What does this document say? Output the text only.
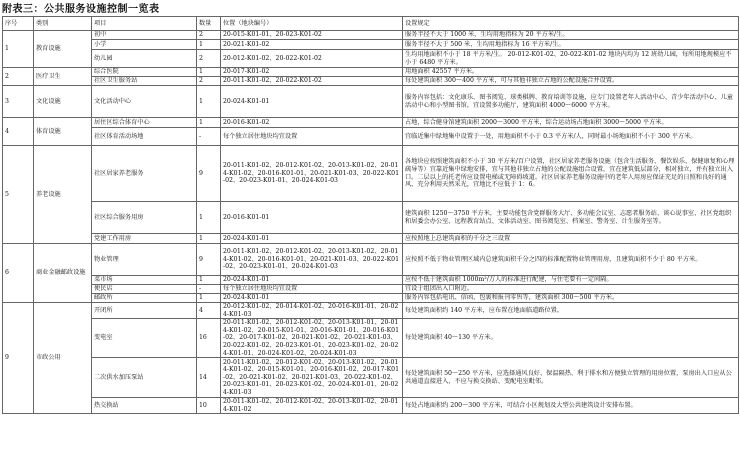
附表三：公共服务设施控制一览表
序号	类别	项目	数量	位置（地块编号）	设置规定
1	教育设施	初中	2	20-015-K01-01、20-023-K01-02	服务半径不大于 1000 米，生均用地指标为 20 平方米/生。
		小学	1	20-021-K01-02	服务半径不大于 500 米，生均用地指标为 16 平方米/生。
		幼儿园	2	20-012-K01-02、20-022-K01-02	生均用地面积不小于 18 平方米/生。 20-012-K01-02、20-022-K01-02 地块内均为 12 班幼儿园，每所用地规模应不小于 6480 平方米。
2	医疗卫生	综合医院	1	20-017-K01-02	用地面积 42557 平方米。
		社区卫生服务站	2	20-011-K01-02、20-022-K01-02	每处建筑面积 300～400 平方米，可与其他非独立占地的公配设施合并设置。
3	文化设施	文化活动中心	1	20-024-K01-01	服务内容包括：文化康乐、图书阅览、球类棋牌、教育培训等设施，应专门设置老年人活动中心、青少年活动中心、儿童活动中心和小型图书馆，宜设置多功能厅，建筑面积 4000～6000 平方米。
4	体育设施	居住区综合体育中心	1	20-016-K01-02	占地，综合健身馆建筑面积 2000～3000 平方米，综合运动场占地面积 3000～5000 平方米。
		社区体育活动场地	-	每个独立居住地块均宜设置	宜临近集中绿地集中设置于一处，用地面积不小于 0.3 平方米/人，同时最小场地面积不小于 300 平方米。
5	养老设施	社区居家养老服务	9	20-011-K01-02、20-012-K01-02、20-013-K01-02、20-014-K01-02、20-016-K01-01、20-021-K01-03、20-022-K01-02、20-023-K01-01、20-024-K01-03	各地块应按照建筑面积不小于 30 平方米/百户设置，社区居家养老服务设施（包含生活服务、餐饮娱乐、保健康复和心理疏导等）宜靠近集中绿地安排，宜与其他非独立占地的公配设施组合设置，宜在建筑低层部分，相对独立，并有独立出入口。二层以上的托老所应设置电梯或无障碍坡道。社区居家养老服务设施中的老年人用房应保证充足的日照和良好的通风，充分利用天然采光，宜地比不应低于 1：6。
		社区综合服务用房	1	20-016-K01-01	建筑面积 1250～3750 平方米，主要功能包含党群服务大厅、多功能会议室、志愿者服务站、谈心说事室、社区党组织和居委会办公室、远程教育站点、文体活动室、图书阅览室、档案室、警务室、计生服务室等。
		党建工作用房	1	20-024-K01-01	应按照地上总建筑面积的千分之三设置
6	商业金融邮政设施	物业管理	9	20-011-K01-02、20-012-K01-02、20-013-K01-02、20-014-K01-02、20-016-K01-01、20-021-K01-03、20-022-K01-02、20-023-K01-01、20-024-K01-03	应按照不低于物业管理区域内总建筑面积千分之四的标准配置物业管理用房，且建筑面积不少于 80 平方米。
		菜市场	1	20-024-K01-01	应按不低于建筑面积 1000m²/万人的标准进行配建，与住宅要有一定间隔。
		便民店	-	每个独立居住地块均宜设置	宜设于组团出入口附近。
		邮政所	1	20-024-K01-01	服务内容包括电讯、信函、包裹和报刊零售等，建筑面积 300～500 平方米。
9	市政公用	开闭所	4	20-012-K01-02、20-014-K01-02、20-016-K01-01、20-024-K01-03	每处建筑面积约 140 平方米，应布置在地面临道路位置。
		变电室	16	20-011-K01-02、20-012-K01-02、20-013-K01-01、20-014-K01-02、20-015-K01-01、20-016-K01-01、20-016-K01-02、20-017-K01-02、20-021-K01-02、20-021-K01-03、20-022-K01-02、20-023-K01-01、20-023-K01-02、20-024-K01-01、20-024-K01-02、20-024-K01-03	每处建筑面积 40～130 平方米。
		二次供水加压泵站	14	20-011-K01-02、20-012-K01-02、20-013-K01-02、20-014-K01-02、20-015-K01-01、20-016-K01-02、20-017-K01-02、20-021-K01-02、20-021-K01-03、20-022-K01-02、20-023-K01-01、20-023-K01-02、20-024-K01-01、20-024-K01-03	每处建筑面积 50～250 平方米，应选择通风良好、保温隔热、利于排水和方便独立管理的用房位置，泵房出入口应从公共通道直接进入，不应与换交换站、变配电室毗邻。
		热交换站	10	20-011-K01-02、20-012-K01-02、20-013-K01-02、20-014-K01-02	每处占地面积约 200～300 平方米，可结合小区规划及大型公共建筑设计安排布置。
